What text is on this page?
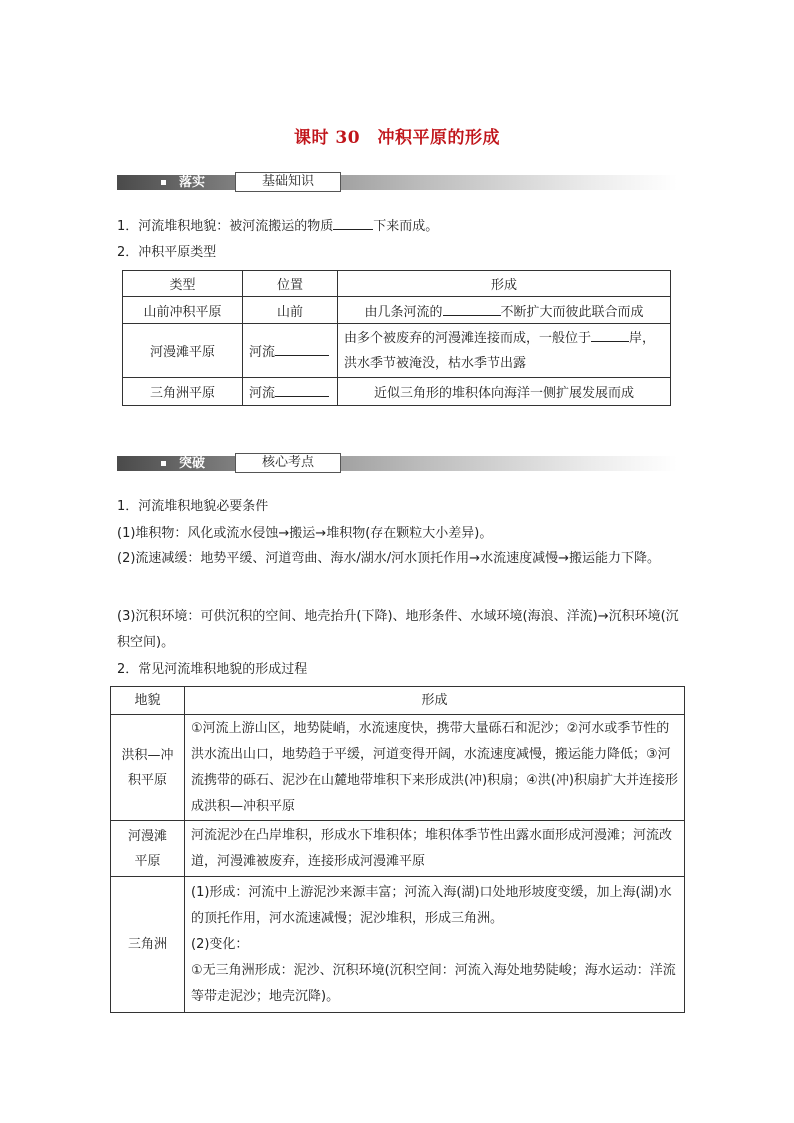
课时 30　冲积平原的形成
落实	基础知识
1．河流堆积地貌：被河流搬运的物质	下来而成。
2．冲积平原类型
类型	位置	形成
山前冲积平原	山前	由几条河流的 不断扩大而彼此联合而成
河漫滩平原	河流	由多个被废弃的河漫滩连接而成，一般位于 岸，
洪水季节被淹没，枯水季节出露
三角洲平原	河流	近似三角形的堆积体向海洋一侧扩展发展而成
突破	核心考点
1．河流堆积地貌必要条件
(1)堆积物：风化或流水侵蚀→搬运→堆积物(存在颗粒大小差异)。
(2)流速减缓：地势平缓、河道弯曲、海水/湖水/河水顶托作用→水流速度减慢→搬运能力下降。
(3)沉积环境：可供沉积的空间、地壳抬升(下降)、地形条件、水域环境(海浪、洋流)→沉积环境(沉积空间)。
2．常见河流堆积地貌的形成过程
地貌	形成

洪积—冲积平原	①河流上游山区，地势陡峭，水流速度快，携带大量砾石和泥沙；②河水或季节性的洪水流出山口，地势趋于平缓，河道变得开阔，水流速度减慢，搬运能力降低；③河流携带的砾石、泥沙在山麓地带堆积下来形成洪(冲)积扇；④洪(冲)积扇扩大并连接形成洪积—冲积平原

河漫滩平原	河流泥沙在凸岸堆积，形成水下堆积体；堆积体季节性出露水面形成河漫滩；河流改道，河漫滩被废弃，连接形成河漫滩平原
三角洲	(1)形成：河流中上游泥沙来源丰富；河流入海(湖)口处地形坡度变缓，加上海(湖)水的顶托作用，河水流速减慢；泥沙堆积，形成三角洲。
(2)变化：
①无三角洲形成：泥沙、沉积环境(沉积空间：河流入海处地势陡峻；海水运动：洋流等带走泥沙；地壳沉降)。
